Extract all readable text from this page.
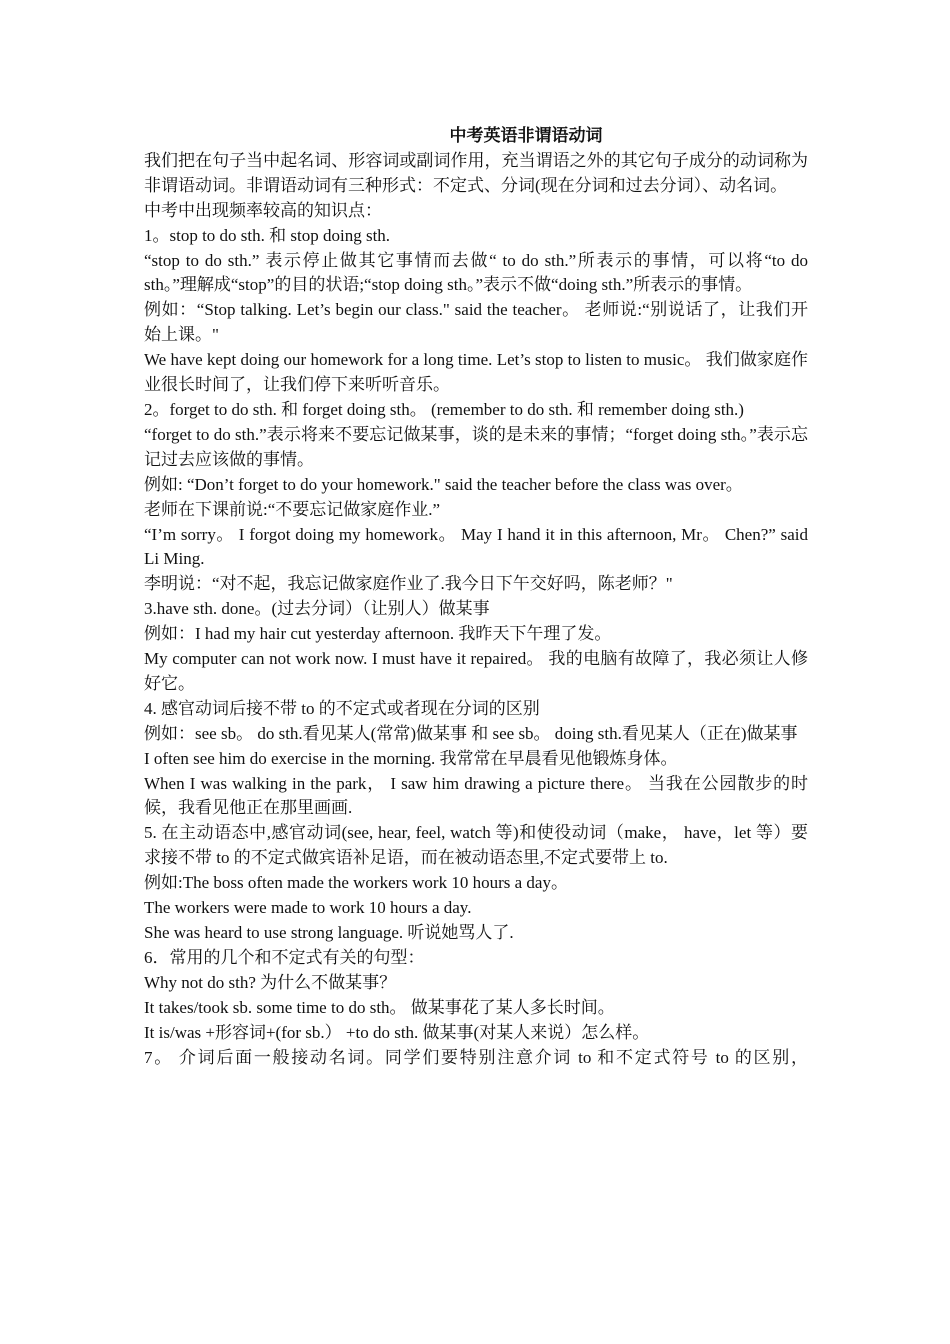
中考英语非谓语动词

我们把在句子当中起名词、形容词或副词作用，充当谓语之外的其它句子成分的动词称为非谓语动词。非谓语动词有三种形式：不定式、分词(现在分词和过去分词）、动名词。

中考中出现频率较高的知识点：

1。stop to do sth. 和 stop doing sth.

“stop to do sth.” 表示停止做其它事情而去做“ to do sth.”所表示的事情，可以将“to do sth。”理解成“stop”的目的状语;“stop doing sth。”表示不做“doing sth.”所表示的事情。

例如：“Stop talking. Let’s begin our class." said the teacher。 老师说:“别说话了，让我们开始上课。"

We have kept doing our homework for a long time. Let’s stop to listen to music。 我们做家庭作业很长时间了，让我们停下来听听音乐。

2。forget to do sth. 和 forget doing sth。 (remember to do sth. 和 remember doing sth.)

“forget to do sth.”表示将来不要忘记做某事，谈的是未来的事情；“forget doing sth。”表示忘记过去应该做的事情。

例如: “Don’t forget to do your homework." said the teacher before the class was over。

老师在下课前说:“不要忘记做家庭作业.”

“I’m sorry。 I forgot doing my homework。 May I hand it in this afternoon, Mr。 Chen?” said Li Ming.

李明说：“对不起，我忘记做家庭作业了.我今日下午交好吗，陈老师？"

3.have sth. done。(过去分词）（让别人）做某事

例如：I had my hair cut yesterday afternoon. 我昨天下午理了发。

My computer can not work now. I must have it repaired。 我的电脑有故障了，我必须让人修好它。

4. 感官动词后接不带 to 的不定式或者现在分词的区别

例如：see sb。 do sth.看见某人(常常)做某事 和 see sb。 doing sth.看见某人（正在)做某事

I often see him do exercise in the morning. 我常常在早晨看见他锻炼身体。

When I was walking in the park， I saw him drawing a picture there。 当我在公园散步的时候，我看见他正在那里画画.

5. 在主动语态中,感官动词(see, hear, feel, watch 等)和使役动词（make， have，let 等）要求接不带 to 的不定式做宾语补足语，而在被动语态里,不定式要带上 to.

例如:The boss often made the workers work 10 hours a day。

The workers were made to work 10 hours a day.

She was heard to use strong language. 听说她骂人了.

6．常用的几个和不定式有关的句型：

Why not do sth? 为什么不做某事？

It takes/took sb. some time to do sth。 做某事花了某人多长时间。

It is/was +形容词+(for sb.） +to do sth. 做某事(对某人来说）怎么样。

7。 介词后面一般接动名词。同学们要特别注意介词 to 和不定式符号 to 的区别，
